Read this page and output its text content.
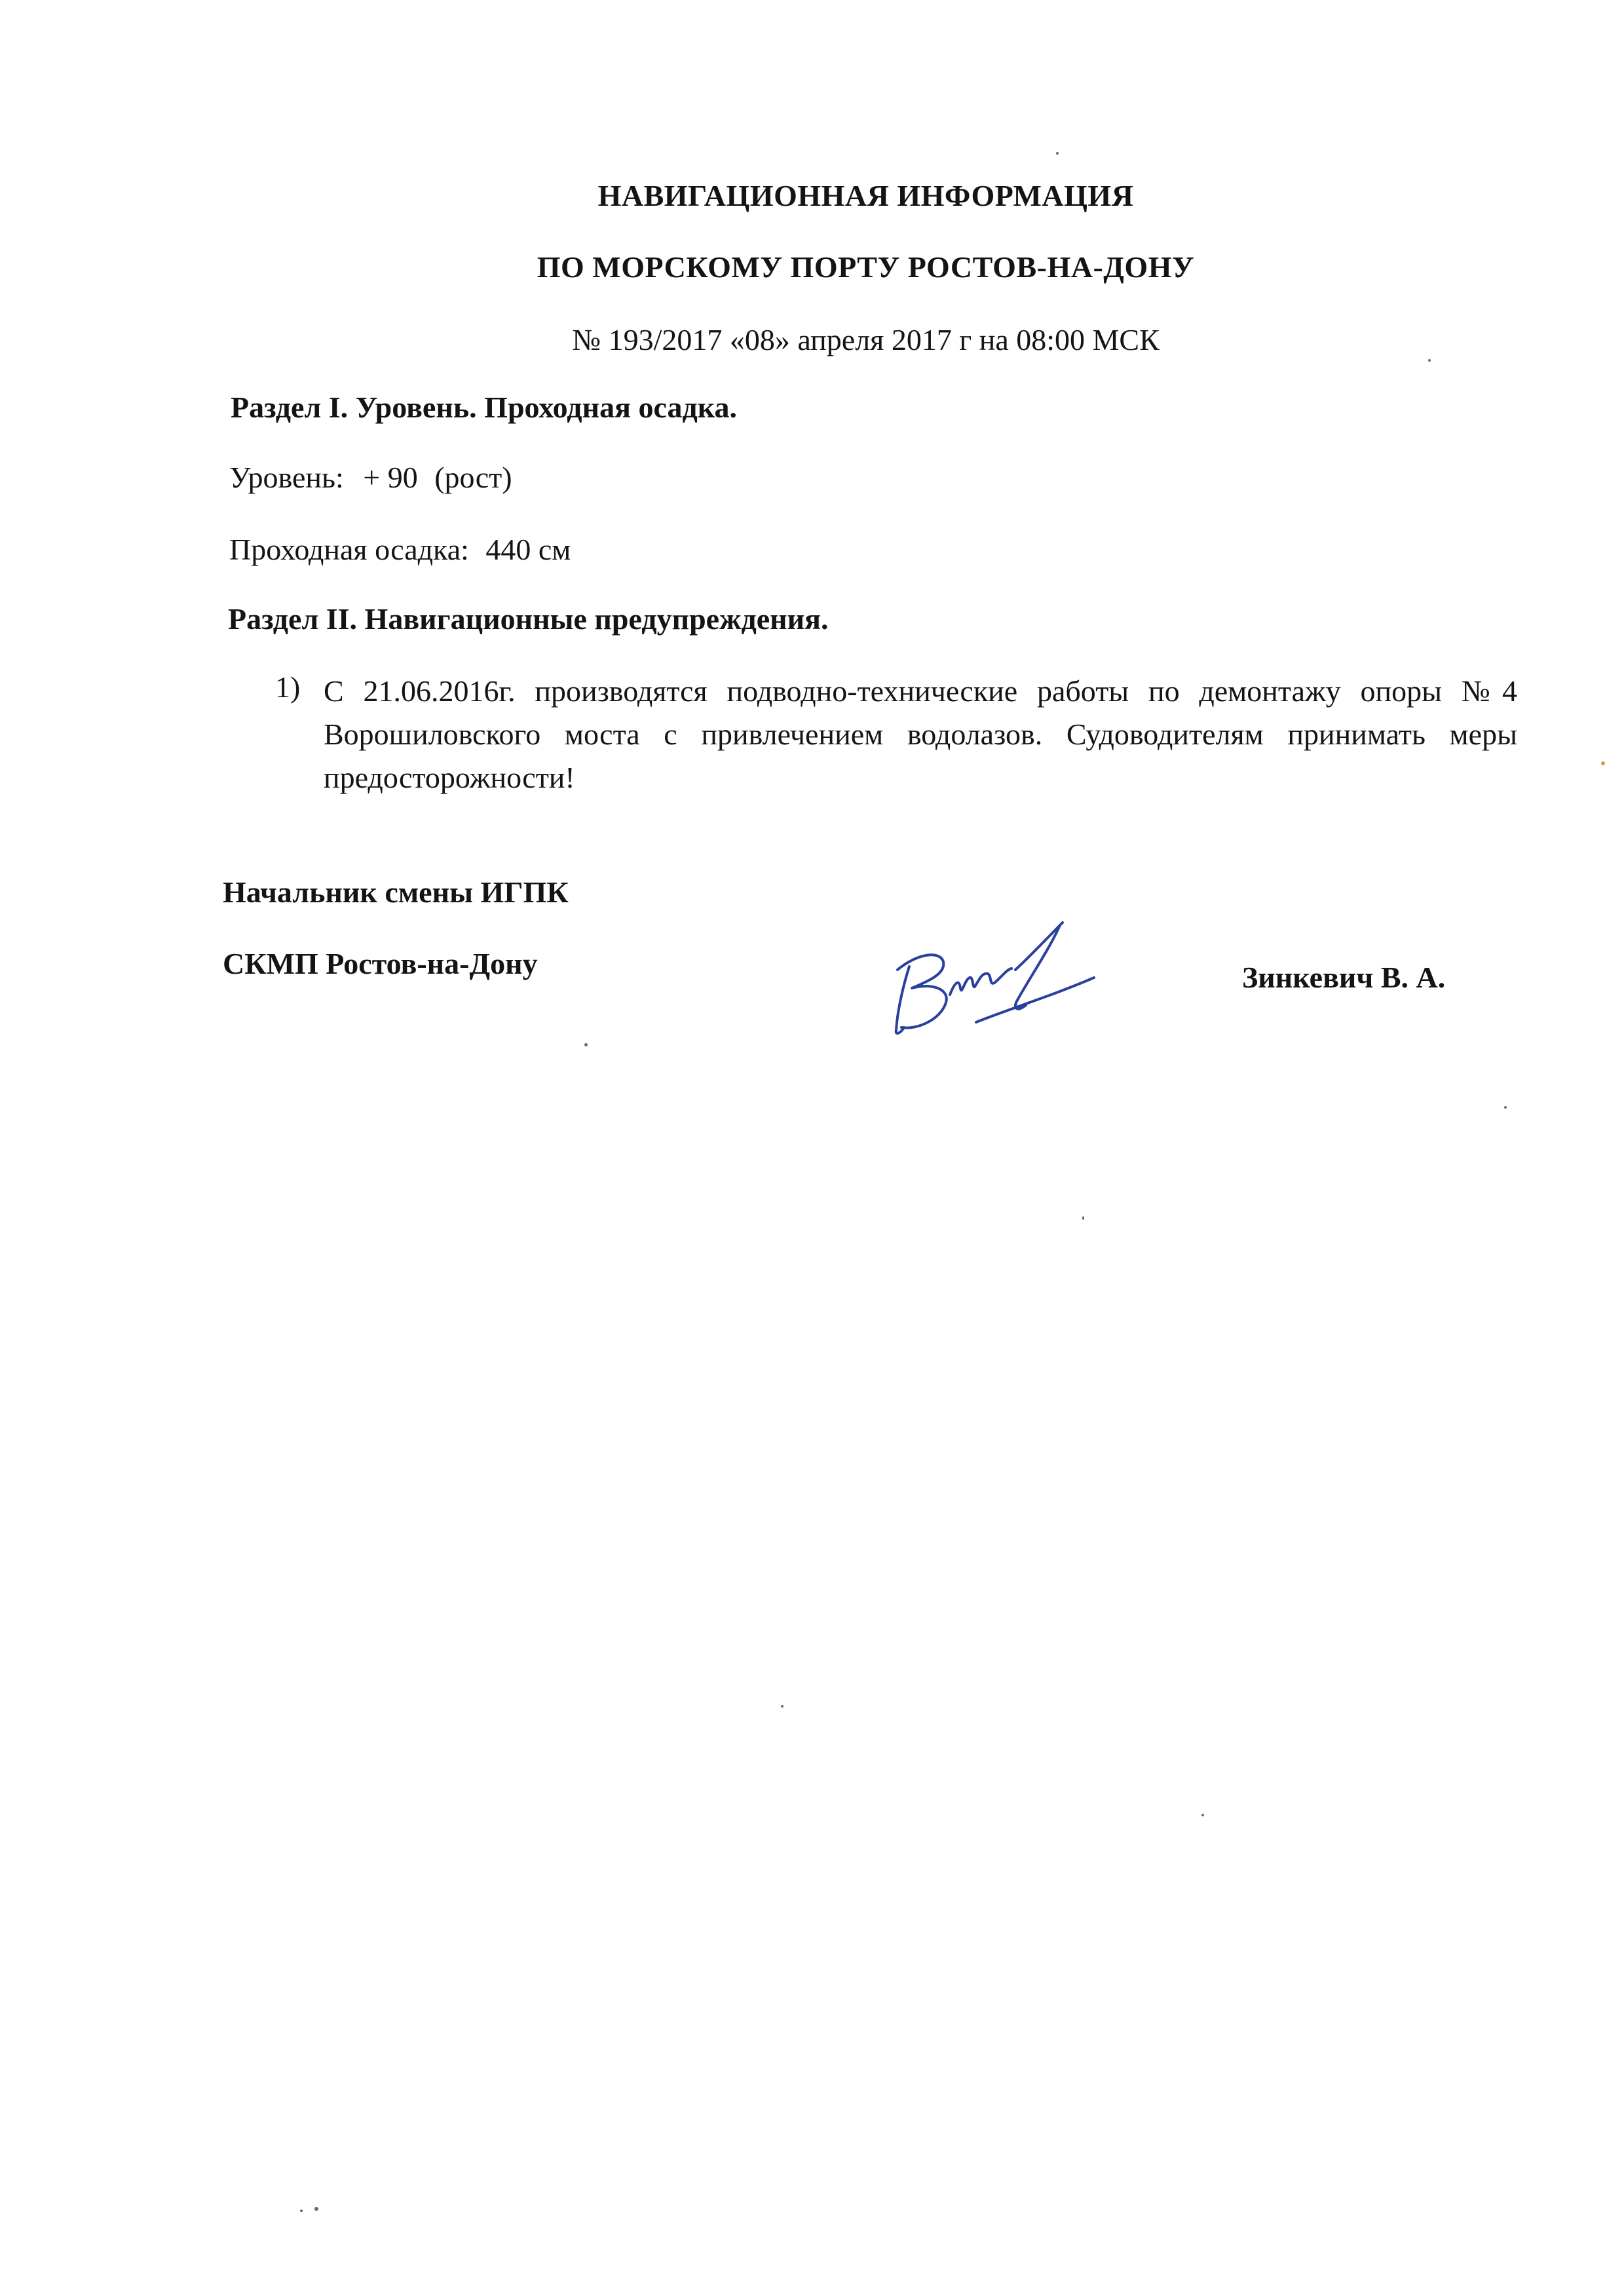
НАВИГАЦИОННАЯ ИНФОРМАЦИЯ
ПО МОРСКОМУ ПОРТУ РОСТОВ-НА-ДОНУ
№ 193/2017 «08» апреля 2017 г на 08:00 МСК
Раздел I. Уровень. Проходная осадка.
Уровень: + 90 (рост)
Проходная осадка: 440 см
Раздел II. Навигационные предупреждения.
1) С 21.06.2016г. производятся подводно-технические работы по демонтажу опоры №4 Ворошиловского моста с привлечением водолазов. Судоводителям принимать меры предосторожности!
Начальник смены ИГПК
СКМП Ростов-на-Дону	Зинкевич В. А.
